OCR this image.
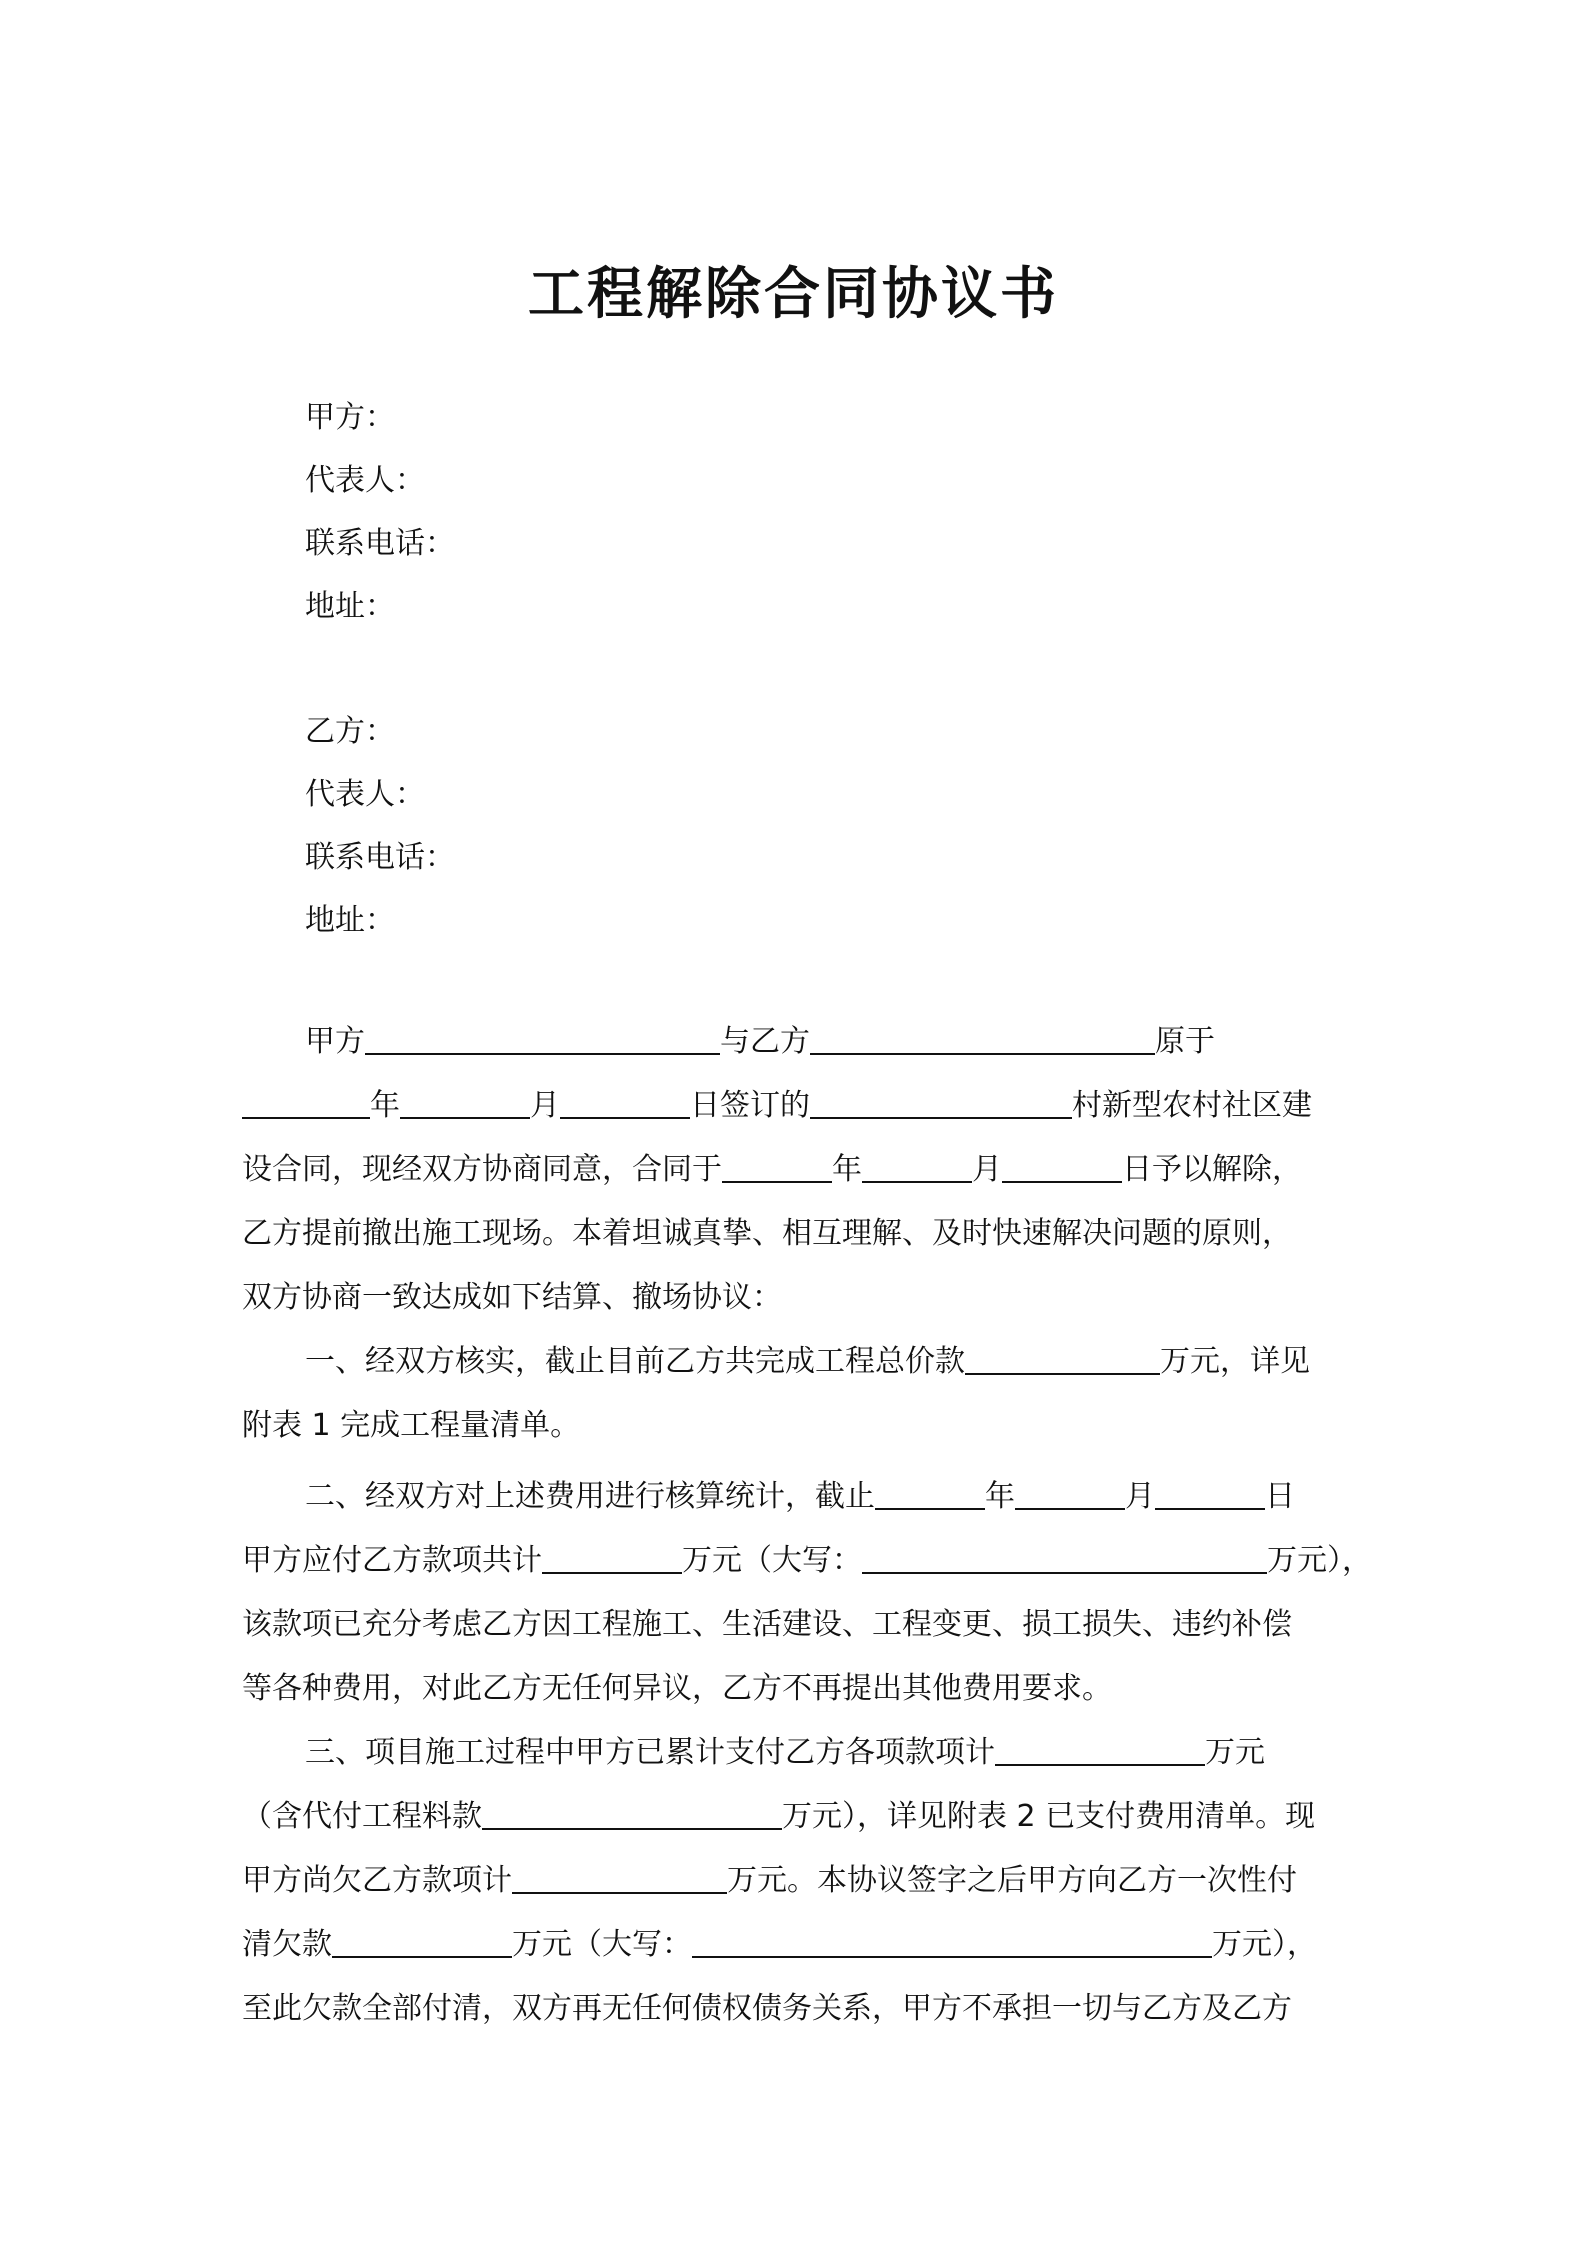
工程解除合同协议书
甲方：
代表人：
联系电话：
地址：
乙方：
代表人：
联系电话：
地址：
甲方	与乙方	原于
年	月	日签订的	村新型农村社区建
设合同，现经双方协商同意，合同于	年	月	日予以解除，
乙方提前撤出施工现场。本着坦诚真挚、相互理解、及时快速解决问题的原则，
双方协商一致达成如下结算、撤场协议：
一、经双方核实，截止目前乙方共完成工程总价款	万元，详见
附表 1 完成工程量清单。
二、经双方对上述费用进行核算统计，截止	年	月	日
甲方应付乙方款项共计	万元（大写：	万元），
该款项已充分考虑乙方因工程施工、生活建设、工程变更、损工损失、违约补偿
等各种费用，对此乙方无任何异议，乙方不再提出其他费用要求。
三、项目施工过程中甲方已累计支付乙方各项款项计	万元
（含代付工程料款	万元），详见附表 2 已支付费用清单。现
甲方尚欠乙方款项计	万元。本协议签字之后甲方向乙方一次性付
清欠款	万元（大写：	万元），
至此欠款全部付清，双方再无任何债权债务关系，甲方不承担一切与乙方及乙方
